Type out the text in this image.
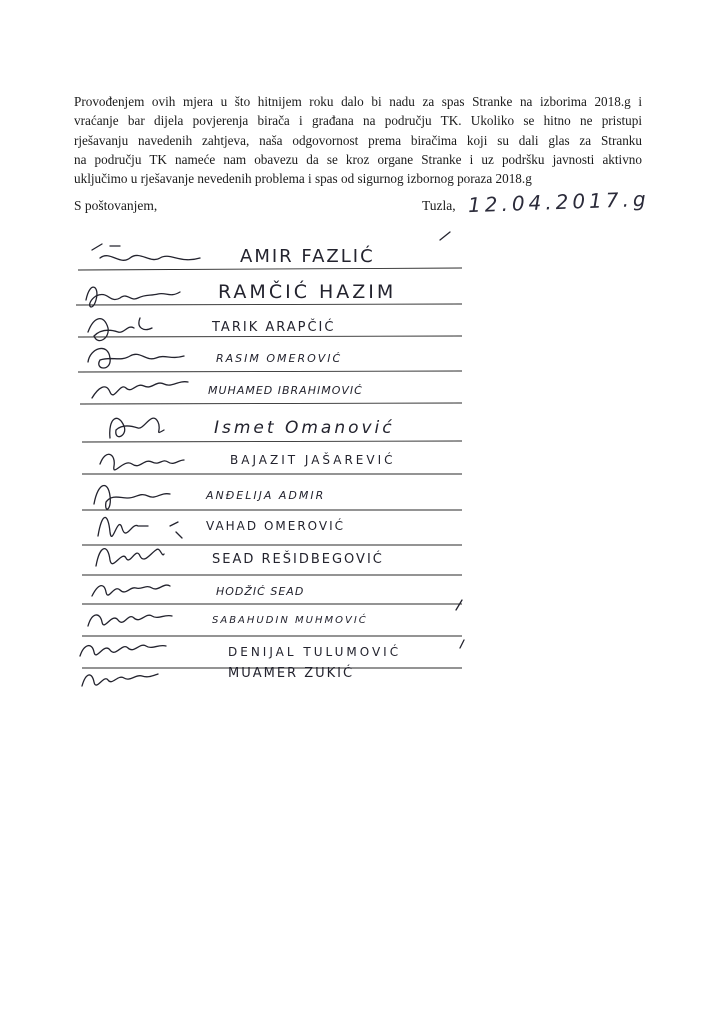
Provođenjem ovih mjera u što hitnijem roku dalo bi nadu za spas Stranke na izborima 2018.g i
vraćanje bar dijela povjerenja birača i građana na području TK. Ukoliko se hitno ne pristupi
rješavanju navedenih zahtjeva, naša odgovornost prema biračima koji su dali glas za Stranku
na području TK nameće nam obavezu da se kroz organe Stranke i uz podršku javnosti aktivno
uključimo u rješavanje nevedenih problema i spas od sigurnog izbornog poraza 2018.g

S poštovanjem,	Tuzla, 12.04.2017.g
AMIR FAZLIĆ
RAMČIĆ HAZIM
TARIK ARAPČIĆ
RASIM OMEROVIĆ
MUHAMED IBRAHIMOVIĆ
Ismet Omanović
BAJAZIT JAŠAREVIĆ
ANĐELIJA ADMIR
VAHAD OMEROVIĆ
SEAD REŠIDBEGOVIĆ
HODŽIĆ SEAD
SABAHUDIN MUHMOVIĆ
DENIJAL TULUMOVIĆ
MUAMER ZUKIĆ
